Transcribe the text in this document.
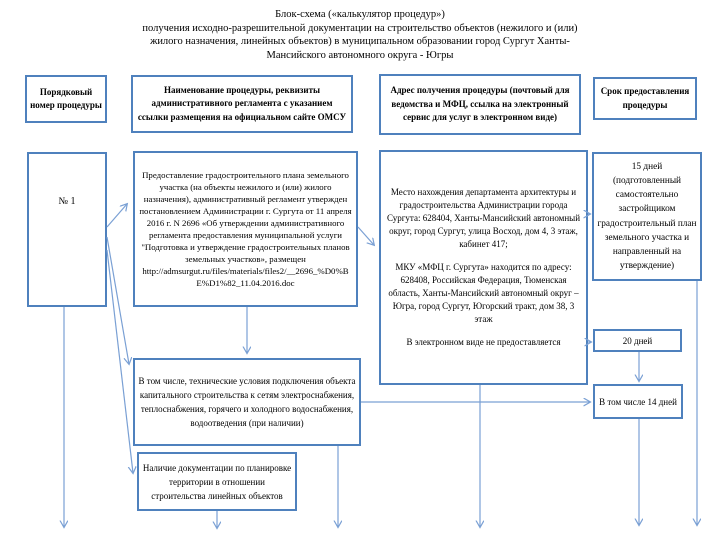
Блок-схема («калькулятор процедур»)
получения исходно-разрешительной документации на строительство объектов (нежилого и (или)
жилого назначения, линейных объектов) в муниципальном образовании город Сургут Ханты-
Мансийского автономного округа - Югры
Порядковый номер процедуры
Наименование процедуры, реквизиты административного регламента с указанием ссылки размещения на официальном сайте ОМСУ
Адрес получения процедуры (почтовый для ведомства и МФЦ, ссылка на электронный сервис для услуг в электронном виде)
Срок предоставления процедуры
№ 1
Предоставление градостроительного плана земельного участка (на объекты нежилого и (или) жилого назначения), административный регламент утвержден постановлением Администрации г. Сургута от 11 апреля 2016 г. N 2696 «Об утверждении административного регламента предоставления муниципальной услуги "Подготовка и утверждение градостроительных планов земельных участков», размещен
http://admsurgut.ru/files/materials/files2/__2696_%D0%BE%D1%82_11.04.2016.doc

Место нахождения департамента архитектуры и градостроительства Администрации города Сургута: 628404, Ханты-Мансийский автономный округ, город Сургут, улица Восход, дом 4, 3 этаж, кабинет 417;

МКУ «МФЦ г. Сургута» находится по адресу: 628408, Российская Федерация, Тюменская область, Ханты-Мансийский автономный округ – Югра, город Сургут, Югорский тракт, дом 38, 3 этаж

В электронном виде не предоставляется

15 дней (подготовленный самостоятельно застройщиком градостроительный план земельного участка и направленный на утверждение)
20 дней
В том числе 14 дней
В том числе, технические условия подключения объекта капитального строительства к сетям электроснабжения, теплоснабжения, горячего и холодного водоснабжения, водоотведения (при наличии)
Наличие документации по планировке территории в отношении строительства линейных объектов
